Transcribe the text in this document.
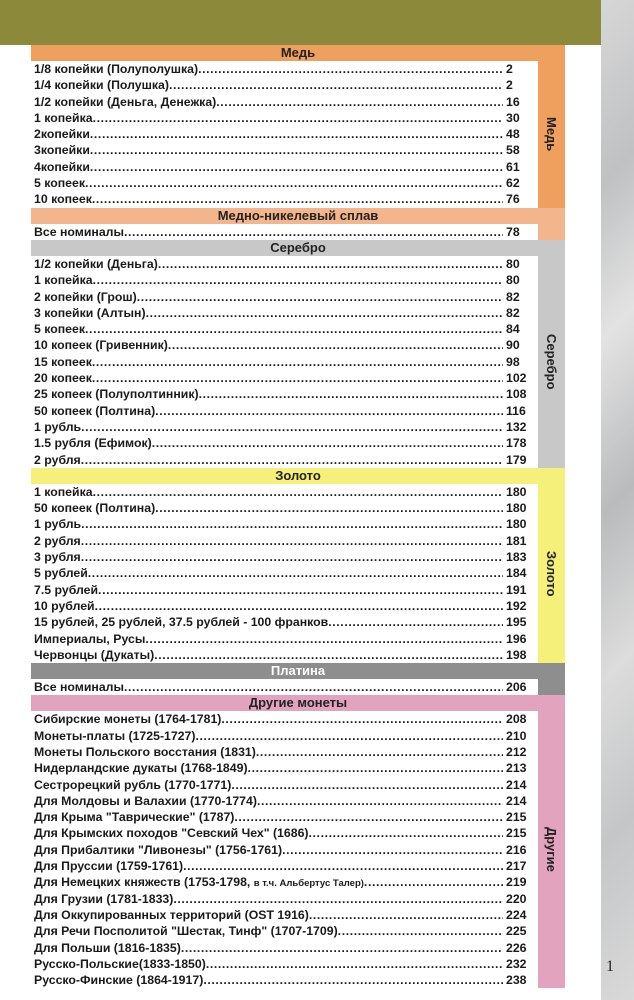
1
Медь
1/8 копейки (Полуполушка) .....	2
1/4 копейки (Полушка) .....	2
1/2 копейки (Деньга, Денежка) .....	16
1 копейка .....	30
2копейки .....	48
3копейки .....	58
4копейки .....	61
5 копеек .....	62
10 копеек .....	76
Медь
Медно-никелевый сплав
Все номиналы .....	78
Серебро
1/2 копейки (Деньга) .....	80
1 копейка .....	80
2 копейки (Грош) .....	82
3 копейки (Алтын) .....	82
5 копеек .....	84
10 копеек (Гривенник) .....	90
15 копеек .....	98
20 копеек .....	102
25 копеек (Полуполтинник) .....	108
50 копеек (Полтина) .....	116
1 рубль .....	132
1.5 рубля (Ефимок) .....	178
2 рубля .....	179
Серебро
Золото
1 копейка .....	180
50 копеек (Полтина) .....	180
1 рубль .....	180
2 рубля .....	181
3 рубля .....	183
5 рублей .....	184
7.5 рублей .....	191
10 рублей .....	192
15 рублей, 25 рублей, 37.5 рублей - 100 франков .....	195
Империалы, Русы .....	196
Червонцы (Дукаты) .....	198
Золото
Платина
Все номиналы .....	206
Другие монеты
Сибирские монеты (1764-1781) .....	208
Монеты-платы (1725-1727) .....	210
Монеты Польского восстания (1831) .....	212
Нидерландские дукаты (1768-1849) .....	213
Сестрорецкий рубль (1770-1771) .....	214
Для Молдовы и Валахии (1770-1774) .....	214
Для Крыма "Таврические" (1787) .....	215
Для Крымских походов "Севский Чех" (1686) .....	215
Для Прибалтики "Ливонезы" (1756-1761) .....	216
Для Пруссии (1759-1761) .....	217
Для Немецких княжеств (1753-1798, в т.ч. Альбертус Талер) .....	219
Для Грузии (1781-1833) .....	220
Для Оккупированных территорий (OST 1916) .....	224
Для Речи Посполитой "Шестак, Тинф" (1707-1709) .....	225
Для Польши (1816-1835) .....	226
Русско-Польские(1833-1850) .....	232
Русско-Финские (1864-1917) .....	238
Другие
